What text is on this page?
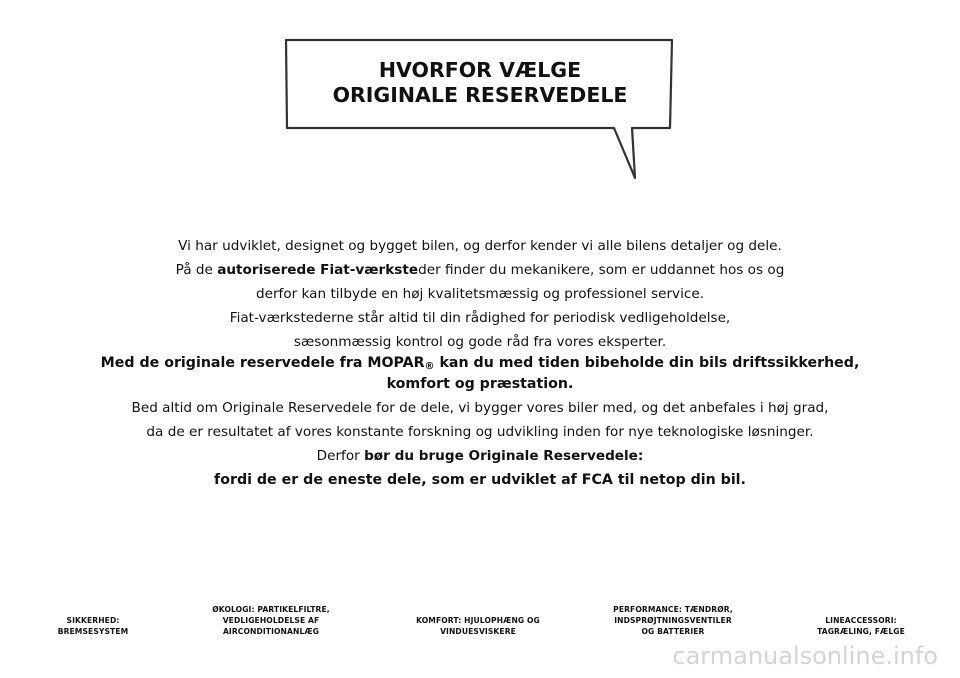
HVORFOR VÆLGE
ORIGINALE RESERVEDELE
Vi har udviklet, designet og bygget bilen, og derfor kender vi alle bilens detaljer og dele.
På de autoriserede Fiat-værksteder finder du mekanikere, som er uddannet hos os og
derfor kan tilbyde en høj kvalitetsmæssig og professionel service.
Fiat-værkstederne står altid til din rådighed for periodisk vedligeholdelse,
sæsonmæssig kontrol og gode råd fra vores eksperter.
Med de originale reservedele fra MOPAR® kan du med tiden bibeholde din bils driftssikkerhed,
komfort og præstation.
Bed altid om Originale Reservedele for de dele, vi bygger vores biler med, og det anbefales i høj grad,
da de er resultatet af vores konstante forskning og udvikling inden for nye teknologiske løsninger.
Derfor bør du bruge Originale Reservedele:
fordi de er de eneste dele, som er udviklet af FCA til netop din bil.
SIKKERHED:
BREMSESYSTEM
ØKOLOGI: PARTIKELFILTRE,
VEDLIGEHOLDELSE AF
AIRCONDITIONANLÆG
KOMFORT: HJULOPHÆNG OG
VINDUESVISKERE
PERFORMANCE: TÆNDRØR,
INDSPRØJTNINGSVENTILER
OG BATTERIER
LINEACCESSORI:
TAGRÆLING, FÆLGE
carmanualsonline.info
